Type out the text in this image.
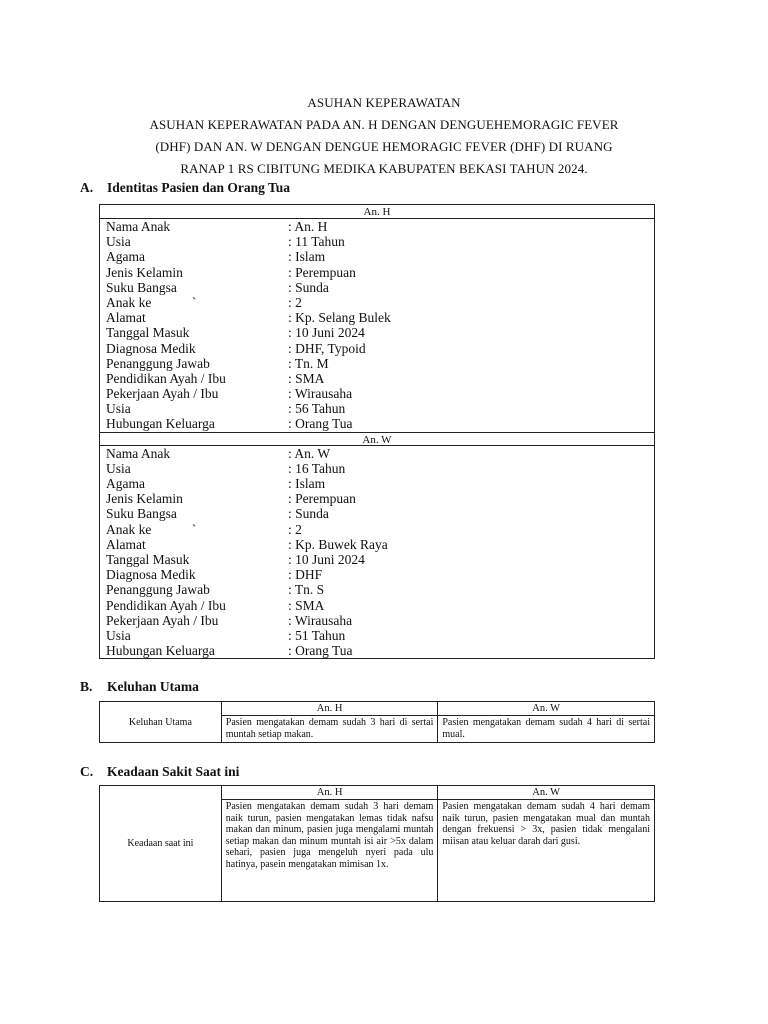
ASUHAN KEPERAWATAN
ASUHAN KEPERAWATAN PADA AN. H DENGAN DENGUEHEMORAGIC FEVER
(DHF) DAN AN. W DENGAN DENGUE HEMORAGIC FEVER (DHF) DI RUANG
RANAP 1 RS CIBITUNG MEDIKA KABUPATEN BEKASI TAHUN 2024.
A.	Identitas Pasien dan Orang Tua
An. H
Nama Anak	: An. H
Usia	: 11 Tahun
Agama	: Islam
Jenis Kelamin	: Perempuan
Suku Bangsa	: Sunda
Anak ke            `	: 2
Alamat	: Kp. Selang Bulek
Tanggal Masuk	: 10 Juni 2024
Diagnosa Medik	: DHF, Typoid
Penanggung Jawab	: Tn. M
Pendidikan Ayah / Ibu	: SMA
Pekerjaan Ayah / Ibu	: Wirausaha
Usia	: 56 Tahun
Hubungan Keluarga	: Orang Tua
An. W
Nama Anak	: An. W
Usia	: 16 Tahun
Agama	: Islam
Jenis Kelamin	: Perempuan
Suku Bangsa	: Sunda
Anak ke            `	: 2
Alamat	: Kp. Buwek Raya
Tanggal Masuk	: 10 Juni 2024
Diagnosa Medik	: DHF
Penanggung Jawab	: Tn. S
Pendidikan Ayah / Ibu	: SMA
Pekerjaan Ayah / Ibu	: Wirausaha
Usia	: 51 Tahun
Hubungan Keluarga	: Orang Tua
B.	Keluhan Utama
Keluhan Utama	An. H	An. W
	Pasien mengatakan demam sudah 3 hari di sertai muntah setiap makan.	Pasien mengatakan demam sudah 4 hari di sertai mual.
C.	Keadaan Sakit Saat ini
Keadaan saat ini	An. H	An. W
	Pasien mengatakan demam sudah 3 hari demam naik turun, pasien mengatakan lemas tidak nafsu makan dan minum, pasien juga mengalami muntah setiap makan dan minum muntah isi air >5x dalam sehari, pasien juga mengeluh nyeri pada ulu hatinya, pasein mengatakan mimisan 1x.	Pasien mengatakan demam sudah 4 hari demam naik turun, pasien mengatakan mual dan muntah dengan frekuensi > 3x, pasien tidak mengalani miisan atau keluar darah dari gusi.
